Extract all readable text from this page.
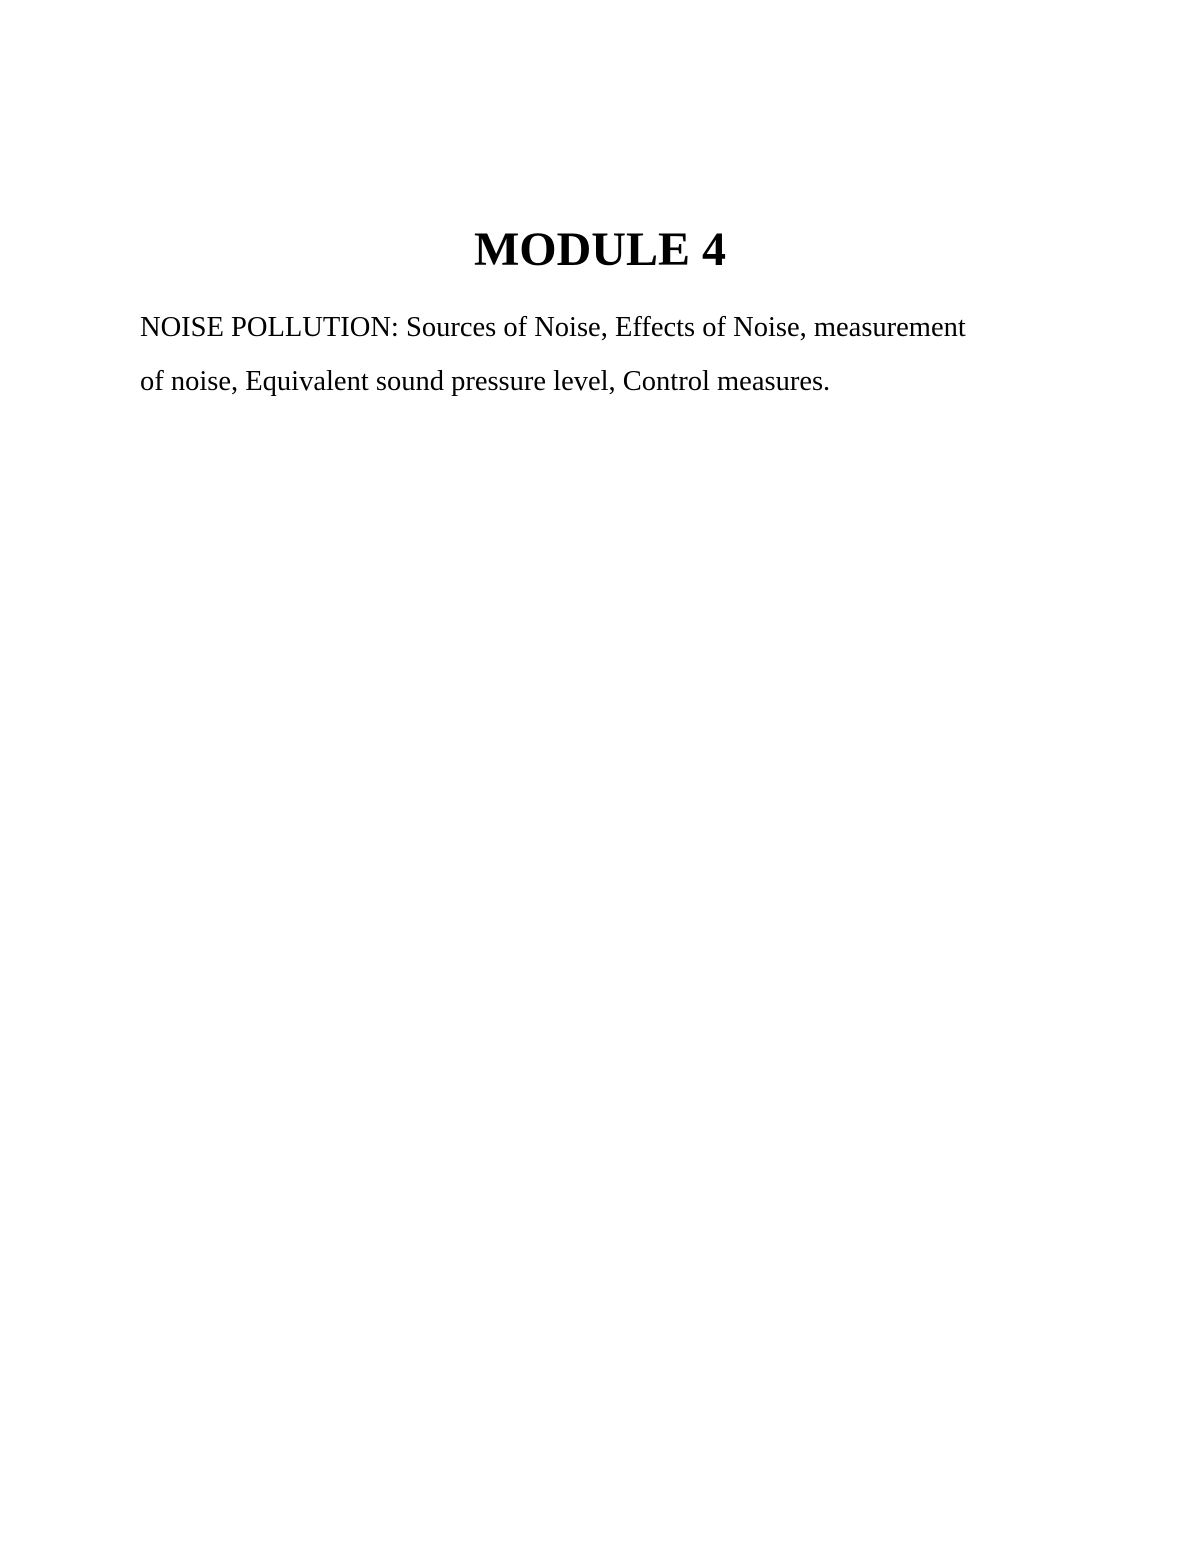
MODULE 4

NOISE POLLUTION: Sources of Noise, Effects of Noise, measurement
of noise, Equivalent sound pressure level, Control measures.
